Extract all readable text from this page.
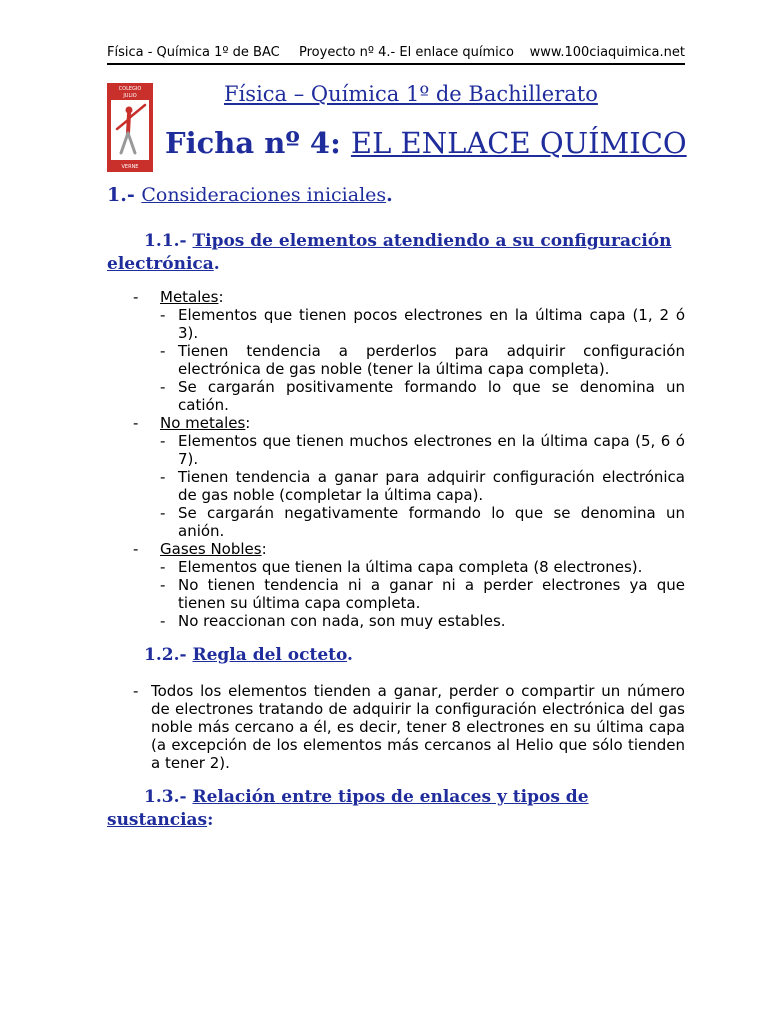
Física - Química 1º de BAC Proyecto nº 4.- El enlace químico www.100ciaquimica.net
COLEGIO
JULIO
VERNE
Física – Química 1º de Bachillerato
Ficha nº 4: EL ENLACE QUÍMICO
1.- Consideraciones iniciales.
1.1.- Tipos de elementos atendiendo a su configuración electrónica.
- Metales:
- Elementos que tienen pocos electrones en la última capa (1, 2 ó 3).
- Tienen tendencia a perderlos para adquirir configuración electrónica de gas noble (tener la última capa completa).
- Se cargarán positivamente formando lo que se denomina un catión.
- No metales:
- Elementos que tienen muchos electrones en la última capa (5, 6 ó 7).
- Tienen tendencia a ganar para adquirir configuración electrónica de gas noble (completar la última capa).
- Se cargarán negativamente formando lo que se denomina un anión.
- Gases Nobles:
- Elementos que tienen la última capa completa (8 electrones).
- No tienen tendencia ni a ganar ni a perder electrones ya que tienen su última capa completa.
- No reaccionan con nada, son muy estables.
1.2.- Regla del octeto.
- Todos los elementos tienden a ganar, perder o compartir un número de electrones tratando de adquirir la configuración electrónica del gas noble más cercano a él, es decir, tener 8 electrones en su última capa (a excepción de los elementos más cercanos al Helio que sólo tienden a tener 2).
1.3.- Relación entre tipos de enlaces y tipos de sustancias:
